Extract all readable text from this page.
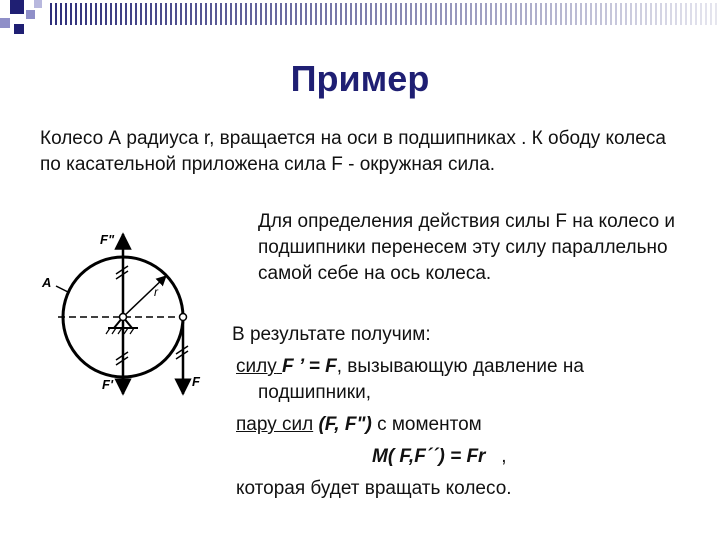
Пример
Колесо А радиуса r, вращается на оси в подшипниках . К ободу колеса по касательной приложена сила F - окружная сила.
F"
F'	F
A
r
Для определения действия силы F на колесо и подшипники перенесем эту силу параллельно самой себе на ось колеса.
В результате получим:
силу F ’ = F, вызывающую давление на
подшипники,
пару сил (F, F") с моментом
M( F,F´´) = Fr ,
которая будет вращать колесо.
